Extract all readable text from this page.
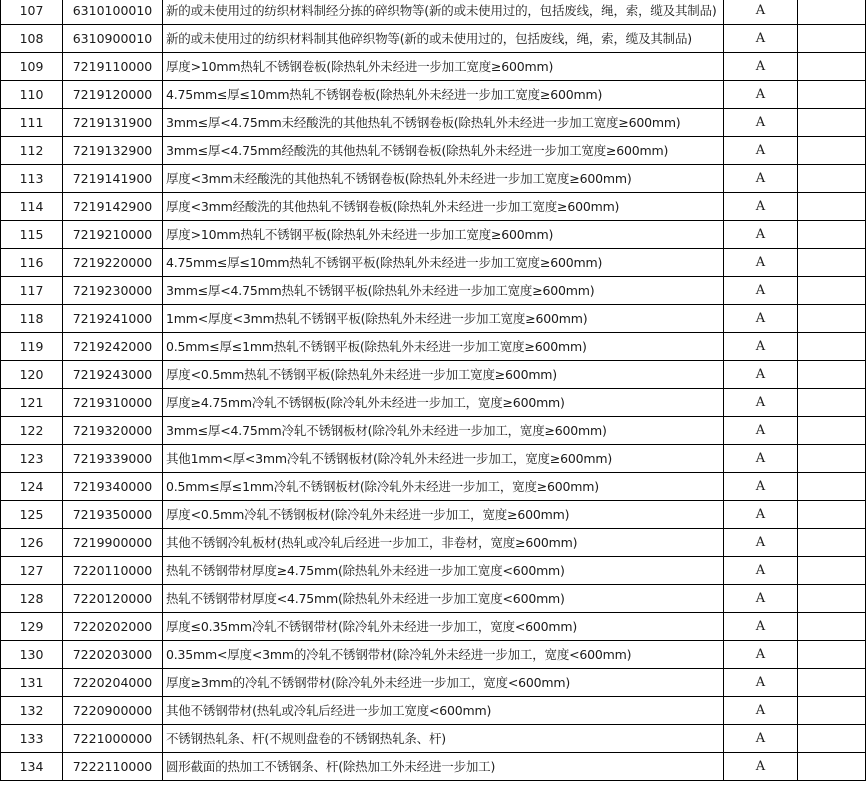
107	6310100010	新的或未使用过的纺织材料制经分拣的碎织物等(新的或未使用过的，包括废线，绳，索，缆及其制品)	A	
108	6310900010	新的或未使用过的纺织材料制其他碎织物等(新的或未使用过的，包括废线，绳，索，缆及其制品)	A	
109	7219110000	厚度>10mm热轧不锈钢卷板(除热轧外未经进一步加工宽度≥600mm)	A	
110	7219120000	4.75mm≤厚≤10mm热轧不锈钢卷板(除热轧外未经进一步加工宽度≥600mm)	A	
111	7219131900	3mm≤厚<4.75mm未经酸洗的其他热轧不锈钢卷板(除热轧外未经进一步加工宽度≥600mm)	A	
112	7219132900	3mm≤厚<4.75mm经酸洗的其他热轧不锈钢卷板(除热轧外未经进一步加工宽度≥600mm)	A	
113	7219141900	厚度<3mm未经酸洗的其他热轧不锈钢卷板(除热轧外未经进一步加工宽度≥600mm)	A	
114	7219142900	厚度<3mm经酸洗的其他热轧不锈钢卷板(除热轧外未经进一步加工宽度≥600mm)	A	
115	7219210000	厚度>10mm热轧不锈钢平板(除热轧外未经进一步加工宽度≥600mm)	A	
116	7219220000	4.75mm≤厚≤10mm热轧不锈钢平板(除热轧外未经进一步加工宽度≥600mm)	A	
117	7219230000	3mm≤厚<4.75mm热轧不锈钢平板(除热轧外未经进一步加工宽度≥600mm)	A	
118	7219241000	1mm<厚度<3mm热轧不锈钢平板(除热轧外未经进一步加工宽度≥600mm)	A	
119	7219242000	0.5mm≤厚≤1mm热轧不锈钢平板(除热轧外未经进一步加工宽度≥600mm)	A	
120	7219243000	厚度<0.5mm热轧不锈钢平板(除热轧外未经进一步加工宽度≥600mm)	A	
121	7219310000	厚度≥4.75mm冷轧不锈钢板(除冷轧外未经进一步加工，宽度≥600mm)	A	
122	7219320000	3mm≤厚<4.75mm冷轧不锈钢板材(除冷轧外未经进一步加工，宽度≥600mm)	A	
123	7219339000	其他1mm<厚<3mm冷轧不锈钢板材(除冷轧外未经进一步加工，宽度≥600mm)	A	
124	7219340000	0.5mm≤厚≤1mm冷轧不锈钢板材(除冷轧外未经进一步加工，宽度≥600mm)	A	
125	7219350000	厚度<0.5mm冷轧不锈钢板材(除冷轧外未经进一步加工，宽度≥600mm)	A	
126	7219900000	其他不锈钢冷轧板材(热轧或冷轧后经进一步加工，非卷材，宽度≥600mm)	A	
127	7220110000	热轧不锈钢带材厚度≥4.75mm(除热轧外未经进一步加工宽度<600mm)	A	
128	7220120000	热轧不锈钢带材厚度<4.75mm(除热轧外未经进一步加工宽度<600mm)	A	
129	7220202000	厚度≤0.35mm冷轧不锈钢带材(除冷轧外未经进一步加工，宽度<600mm)	A	
130	7220203000	0.35mm<厚度<3mm的冷轧不锈钢带材(除冷轧外未经进一步加工，宽度<600mm)	A	
131	7220204000	厚度≥3mm的冷轧不锈钢带材(除冷轧外未经进一步加工，宽度<600mm)	A	
132	7220900000	其他不锈钢带材(热轧或冷轧后经进一步加工宽度<600mm)	A	
133	7221000000	不锈钢热轧条、杆(不规则盘卷的不锈钢热轧条、杆)	A	
134	7222110000	圆形截面的热加工不锈钢条、杆(除热加工外未经进一步加工)	A	
